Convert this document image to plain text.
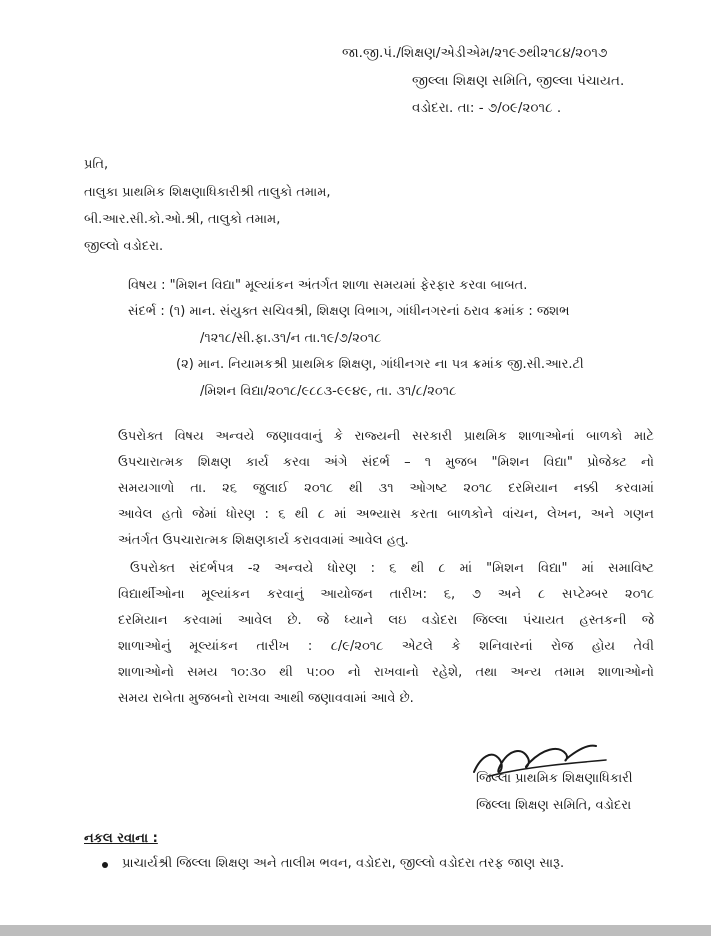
જા.જી.પં./શિક્ષણ/એડીએમ/૨૧૯૭થી૨૧૮૪/૨૦૧૭
જીલ્લા શિક્ષણ સમિતિ, જીલ્લા પંચાયત.
વડોદરા. તા: - ૭/૦૯/૨૦૧૮ .
પ્રતિ,
તાલુકા પ્રાથમિક શિક્ષણાધિકારીશ્રી તાલુકો તમામ,
બી.આર.સી.કો.ઓ.શ્રી, તાલુકો તમામ,
જીલ્લો વડોદરા.
વિષય : "મિશન વિદ્યા" મૂલ્યાંકન અંતર્ગત શાળા સમયમાં ફેરફાર કરવા બાબત.
સંદર્ભ : (૧) માન. સંયુક્ત સચિવશ્રી, શિક્ષણ વિભાગ, ગાંધીનગરનાં ઠરાવ ક્રમાંક : જશભ
/૧૨૧૮/સી.ફા.૩૧/ન તા.૧૯/૭/૨૦૧૮
(૨) માન. નિયામકશ્રી પ્રાથમિક શિક્ષણ, ગાંધીનગર ના પત્ર ક્રમાંક જી.સી.આર.ટી
/મિશન વિદ્યા/૨૦૧૮/૯૮૮૩-૯૯૪૯, તા. ૩૧/૮/૨૦૧૮
ઉપરોક્ત વિષય અન્વયે જણાવવાનું કે રાજ્યની સરકારી પ્રાથમિક શાળાઓનાં બાળકો માટે
ઉપચારાત્મક શિક્ષણ કાર્ય કરવા અંગે સંદર્ભ – ૧ મુજબ "મિશન વિદ્યા" પ્રોજેક્ટ નો
સમયગાળો તા. ૨૬ જુલાઈ ૨૦૧૮ થી ૩૧ ઓગષ્ટ ૨૦૧૮ દરમિયાન નક્કી કરવામાં
આવેલ હતો જેમાં ધોરણ : ૬ થી ૮ માં અભ્યાસ કરતા બાળકોને વાંચન, લેખન, અને ગણન
અંતર્ગત ઉપચારાત્મક શિક્ષણકાર્ય કરાવવામાં આવેલ હતુ.
ઉપરોક્ત સંદર્ભપત્ર -૨ અન્વયે ધોરણ : ૬ થી ૮ માં "મિશન વિદ્યા" માં સમાવિષ્ટ
વિદ્યાર્થીઓના મૂલ્યાંકન કરવાનું આયોજન તારીખ: ૬, ૭ અને ૮ સપ્ટેમ્બર ૨૦૧૮
દરમિયાન કરવામાં આવેલ છે. જે ધ્યાને લઇ વડોદરા જિલ્લા પંચાયત હસ્તકની જે
શાળાઓનું મૂલ્યાંકન તારીખ : ૮/૯/૨૦૧૮ એટલે કે શનિવારનાં રોજ હોય તેવી
શાળાઓનો સમય ૧૦:૩૦ થી ૫:૦૦ નો રાખવાનો રહેશે, તથા અન્ય તમામ શાળાઓનો
સમય રાબેતા મુજબનો રાખવા આથી જણાવવામાં આવે છે.
જિલ્લા પ્રાથમિક શિક્ષણાધિકારી
જિલ્લા શિક્ષણ સમિતિ, વડોદરા
નકલ રવાના :
પ્રાચાર્યશ્રી જિલ્લા શિક્ષણ અને તાલીમ ભવન, વડોદરા, જીલ્લો વડોદરા તરફ જાણ સારૂ.
